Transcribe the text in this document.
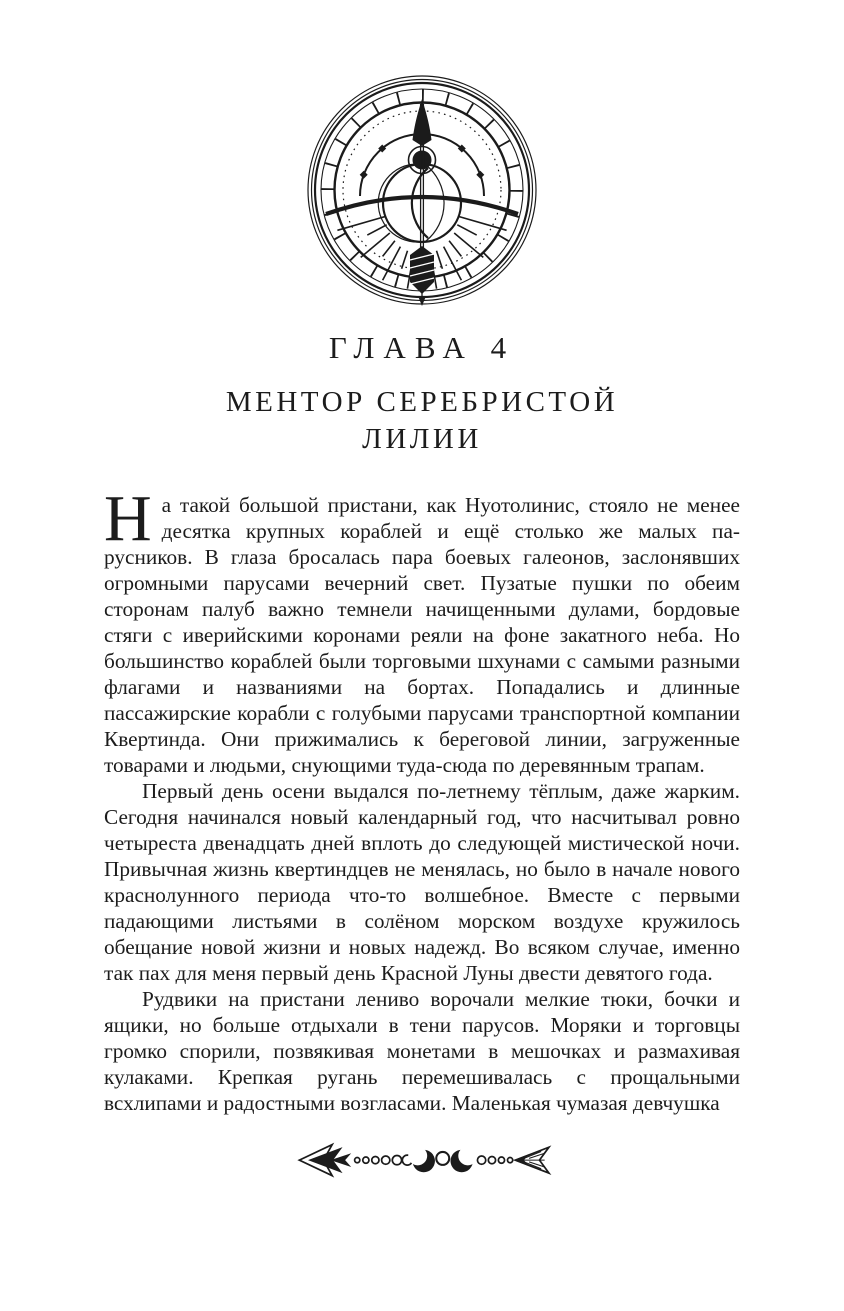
ГЛАВА 4
МЕНТОР СЕРЕБРИСТОЙ ЛИЛИИ

На такой большой пристани, как Нуотолинис, стояло не менее десятка крупных кораблей и ещё столько же малых парусников. В глаза бросалась пара боевых галеонов, заслонявших огромными парусами вечерний свет. Пузатые пушки по обеим сторонам палуб важно темнели начищенными дулами, бордовые стяги с иверийскими коронами реяли на фоне закатного неба. Но большинство кораблей были торговыми шхунами с самыми разными флагами и названиями на бортах. Попадались и длинные пассажирские корабли с голубыми парусами транспортной компании Квертинда. Они прижимались к береговой линии, загруженные товарами и людьми, снующими туда-сюда по деревянным трапам.

Первый день осени выдался по-летнему тёплым, даже жарким. Сегодня начинался новый календарный год, что насчитывал ровно четыреста двенадцать дней вплоть до следующей мистической ночи. Привычная жизнь квертиндцев не менялась, но было в начале нового краснолунного периода что-то волшебное. Вместе с первыми падающими листьями в солёном морском воздухе кружилось обещание новой жизни и новых надежд. Во всяком случае, именно так пах для меня первый день Красной Луны двести девятого года.

Рудвики на пристани лениво ворочали мелкие тюки, бочки и ящики, но больше отдыхали в тени парусов. Моряки и торговцы громко спорили, позвякивая монетами в мешочках и размахивая кулаками. Крепкая ругань перемешивалась с прощальными всхлипами и радостными возгласами. Маленькая чумазая девчушка
